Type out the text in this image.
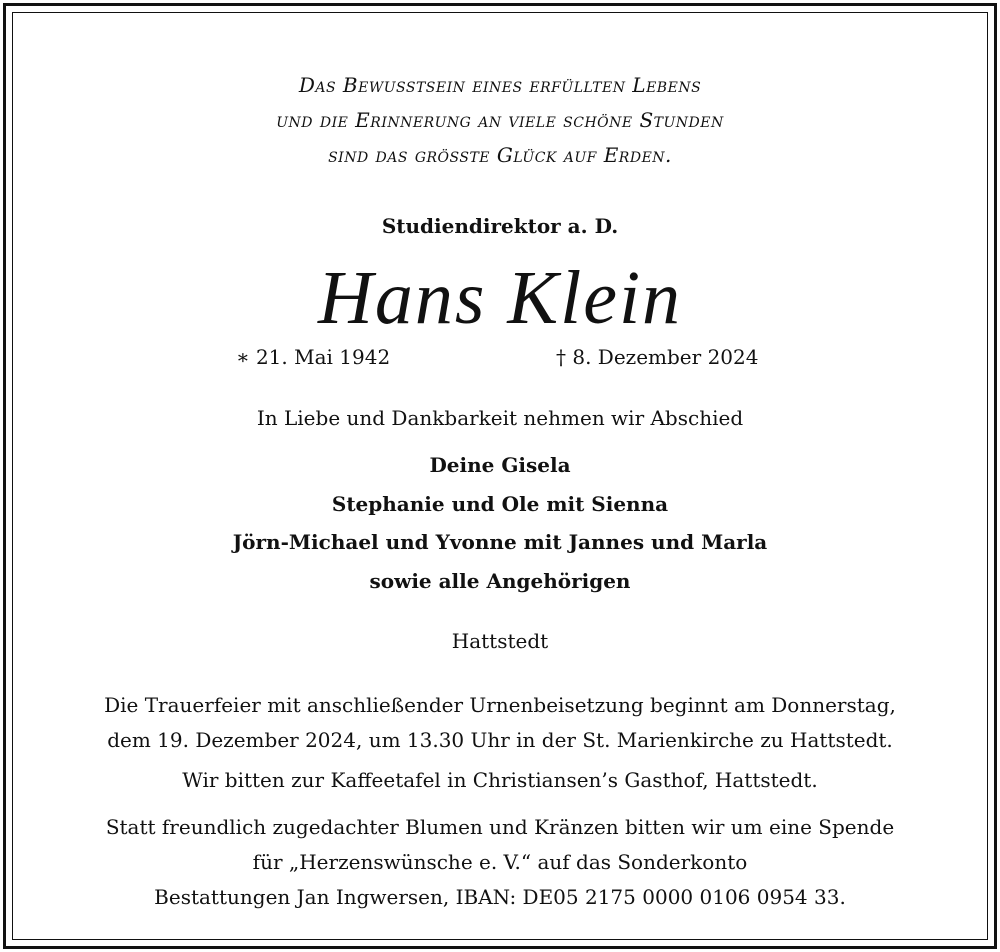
Das Bewusstsein eines erfüllten Lebens
und die Erinnerung an viele schöne Stunden
sind das grösste Glück auf Erden.
Studiendirektor a. D.
Hans Klein
∗ 21. Mai 1942	† 8. Dezember 2024
In Liebe und Dankbarkeit nehmen wir Abschied
Deine Gisela
Stephanie und Ole mit Sienna
Jörn-Michael und Yvonne mit Jannes und Marla
sowie alle Angehörigen
Hattstedt
Die Trauerfeier mit anschließender Urnenbeisetzung beginnt am Donnerstag,
dem 19. Dezember 2024, um 13.30 Uhr in der St. Marienkirche zu Hattstedt.
Wir bitten zur Kaffeetafel in Christiansen’s Gasthof, Hattstedt.
Statt freundlich zugedachter Blumen und Kränzen bitten wir um eine Spende
für „Herzenswünsche e. V.“ auf das Sonderkonto
Bestattungen Jan Ingwersen, IBAN: DE05 2175 0000 0106 0954 33.
